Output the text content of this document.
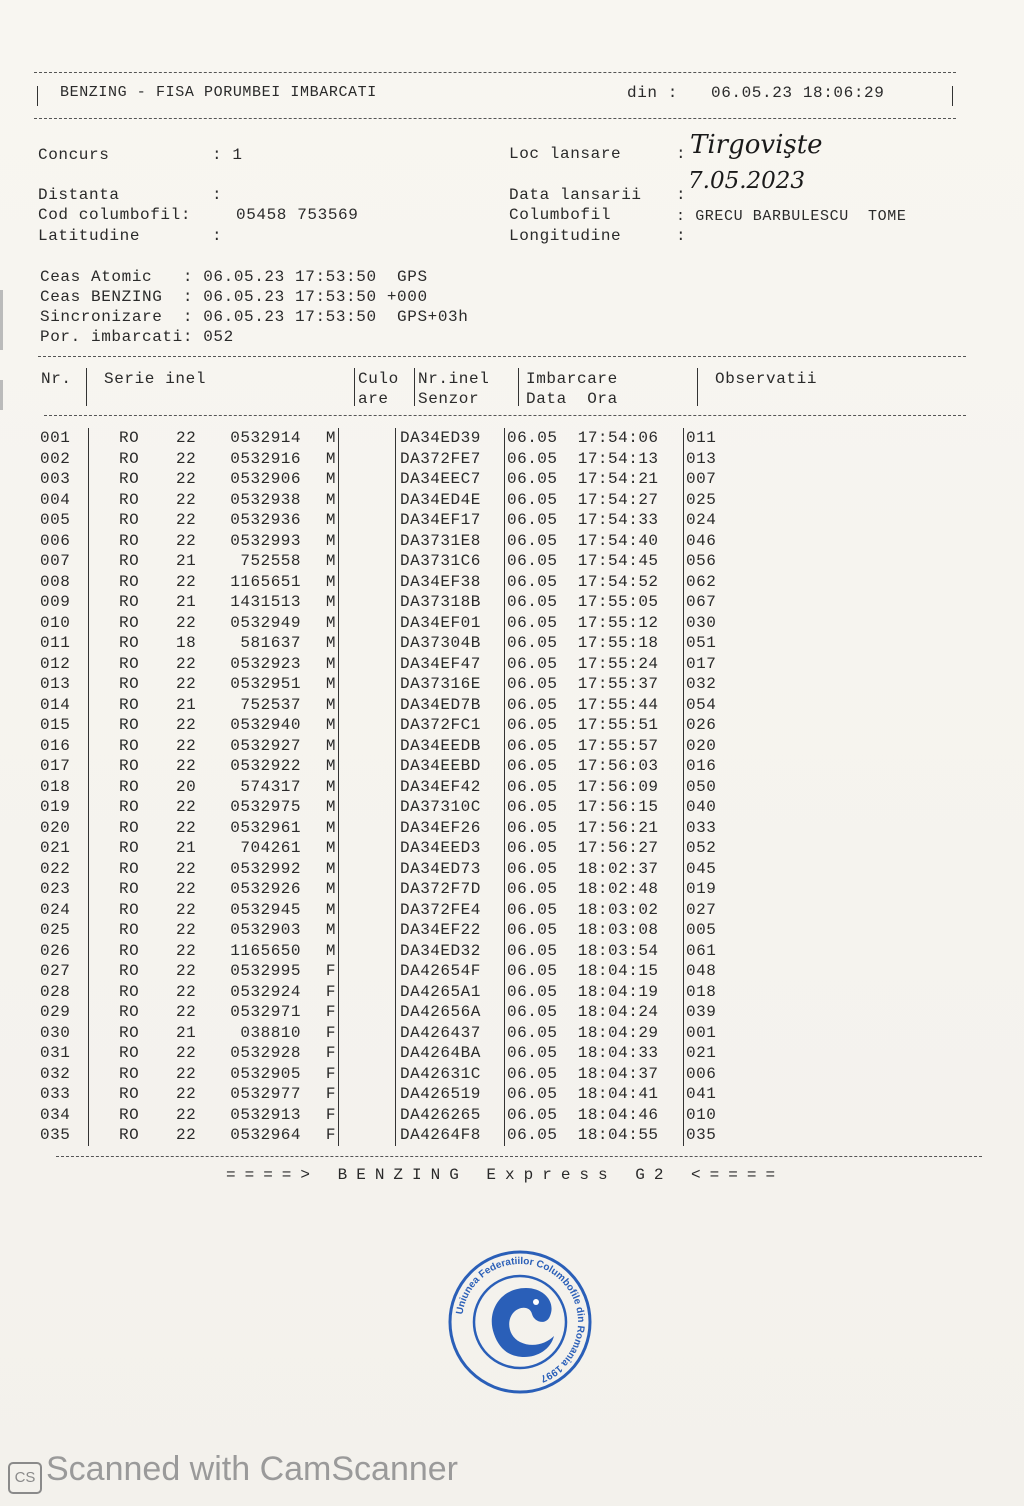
BENZING - FISA PORUMBEI IMBARCATI	din : 06.05.23 18:06:29
Concurs	: 1	Loc lansare	: Tirgovişte
Distanta	:	Data lansarii :
7.05.2023
Cod columbofil:	05458 753569	Columbofil	: GRECU BARBULESCU  TOME
Latitudine	:	Longitudine	:
Ceas Atomic   : 06.05.23 17:53:50  GPS
Ceas BENZING  : 06.05.23 17:53:50 +000
Sincronizare  : 06.05.23 17:53:50  GPS+03h
Por. imbarcati: 052
Nr. Serie inel	Culo
are
Nr.inel
Senzor
Imbarcare
Data  Ora
Observatii
001	RO	22	0532914	M		DA34ED39	06.05 17:54:06	011
002	RO	22	0532916	M		DA372FE7	06.05 17:54:13	013
003	RO	22	0532906	M		DA34EEC7	06.05 17:54:21	007
004	RO	22	0532938	M		DA34ED4E	06.05 17:54:27	025
005	RO	22	0532936	M		DA34EF17	06.05 17:54:33	024
006	RO	22	0532993	M		DA3731E8	06.05 17:54:40	046
007	RO	21	752558	M		DA3731C6	06.05 17:54:45	056
008	RO	22	1165651	M		DA34EF38	06.05 17:54:52	062
009	RO	21	1431513	M		DA37318B	06.05 17:55:05	067
010	RO	22	0532949	M		DA34EF01	06.05 17:55:12	030
011	RO	18	581637	M		DA37304B	06.05 17:55:18	051
012	RO	22	0532923	M		DA34EF47	06.05 17:55:24	017
013	RO	22	0532951	M		DA37316E	06.05 17:55:37	032
014	RO	21	752537	M		DA34ED7B	06.05 17:55:44	054
015	RO	22	0532940	M		DA372FC1	06.05 17:55:51	026
016	RO	22	0532927	M		DA34EEDB	06.05 17:55:57	020
017	RO	22	0532922	M		DA34EEBD	06.05 17:56:03	016
018	RO	20	574317	M		DA34EF42	06.05 17:56:09	050
019	RO	22	0532975	M		DA37310C	06.05 17:56:15	040
020	RO	22	0532961	M		DA34EF26	06.05 17:56:21	033
021	RO	21	704261	M		DA34EED3	06.05 17:56:27	052
022	RO	22	0532992	M		DA34ED73	06.05 18:02:37	045
023	RO	22	0532926	M		DA372F7D	06.05 18:02:48	019
024	RO	22	0532945	M		DA372FE4	06.05 18:03:02	027
025	RO	22	0532903	M		DA34EF22	06.05 18:03:08	005
026	RO	22	1165650	M		DA34ED32	06.05 18:03:54	061
027	RO	22	0532995	F		DA42654F	06.05 18:04:15	048
028	RO	22	0532924	F		DA4265A1	06.05 18:04:19	018
029	RO	22	0532971	F		DA42656A	06.05 18:04:24	039
030	RO	21	038810	F		DA426437	06.05 18:04:29	001
031	RO	22	0532928	F		DA4264BA	06.05 18:04:33	021
032	RO	22	0532905	F		DA42631C	06.05 18:04:37	006
033	RO	22	0532977	F		DA426519	06.05 18:04:41	041
034	RO	22	0532913	F		DA426265	06.05 18:04:46	010
035	RO	22	0532964	F		DA4264F8	06.05 18:04:55	035
====> BENZING Express G2 <====
Uniunea Federatiilor Columbofile din Romania 1997
CS Scanned with CamScanner
